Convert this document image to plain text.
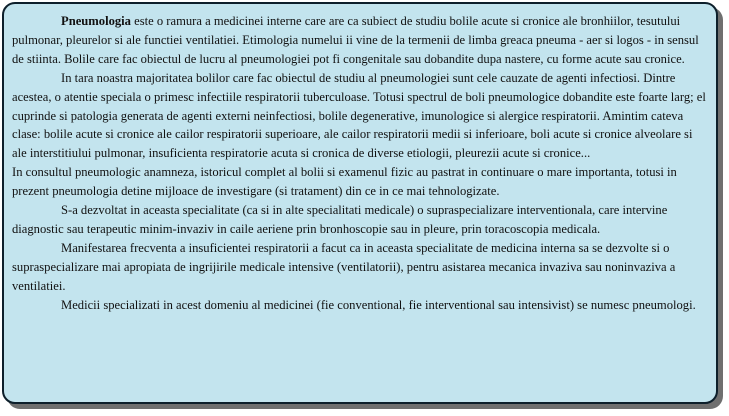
Pneumologia este o ramura a medicinei interne care are ca subiect de studiu bolile acute si cronice ale bronhiilor, tesutului pulmonar, pleurelor si ale functiei ventilatiei. Etimologia numelui ii vine de la termenii de limba greaca pneuma - aer si logos - in sensul de stiinta. Bolile care fac obiectul de lucru al pneumologiei pot fi congenitale sau dobandite dupa nastere, cu forme acute sau cronice.

In tara noastra majoritatea bolilor care fac obiectul de studiu al pneumologiei sunt cele cauzate de agenti infectiosi. Dintre acestea, o atentie speciala o primesc infectiile respiratorii tuberculoase. Totusi spectrul de boli pneumologice dobandite este foarte larg; el cuprinde si patologia generata de agenti externi neinfectiosi, bolile degenerative, imunologice si alergice respiratorii. Amintim cateva clase: bolile acute si cronice ale cailor respiratorii superioare, ale cailor respiratorii medii si inferioare, boli acute si cronice alveolare si ale interstitiului pulmonar, insuficienta respiratorie acuta si cronica de diverse etiologii, pleurezii acute si cronice...

In consultul pneumologic anamneza, istoricul complet al bolii si examenul fizic au pastrat in continuare o mare importanta, totusi in prezent pneumologia detine mijloace de investigare (si tratament) din ce in ce mai tehnologizate.

S-a dezvoltat in aceasta specialitate (ca si in alte specialitati medicale) o supraspecializare interventionala, care intervine diagnostic sau terapeutic minim-invaziv in caile aeriene prin bronhoscopie sau in pleure, prin toracoscopia medicala.

Manifestarea frecventa a insuficientei respiratorii a facut ca in aceasta specialitate de medicina interna sa se dezvolte si o supraspecializare mai apropiata de ingrijirile medicale intensive (ventilatorii), pentru asistarea mecanica invaziva sau noninvaziva a ventilatiei.

Medicii specializati in acest domeniu al medicinei (fie conventional, fie interventional sau intensivist) se numesc pneumologi.
